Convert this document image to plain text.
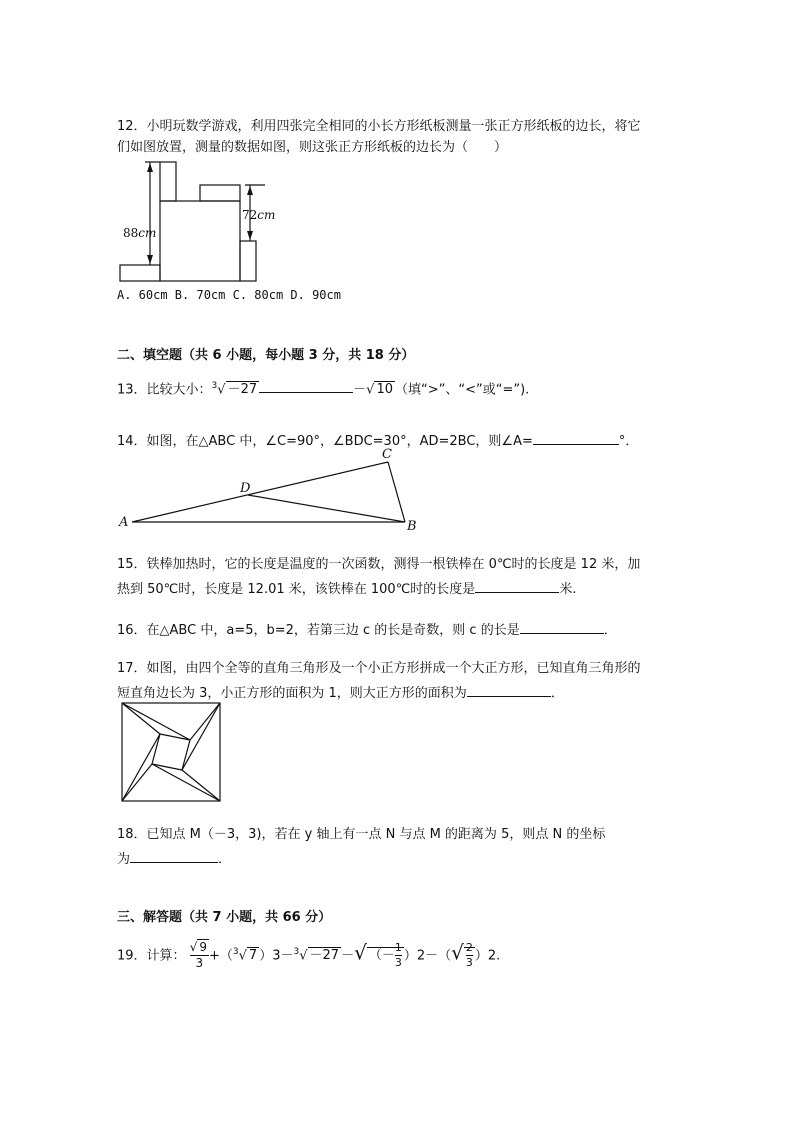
12．小明玩数学游戏，利用四张完全相同的小长方形纸板测量一张正方形纸板的边长，将它
们如图放置，测量的数据如图，则这张正方形纸板的边长为（　　）
88cm
72cm
A. 60cm B. 70cm C. 80cm D. 90cm
二、填空题（共 6 小题，每小题 3 分，共 18 分）
13．比较大小：$^3$√ －27	－√ 10 （填“>”、“<”或“=”).
14．如图，在△ABC 中，∠C=90°，∠BDC=30°，AD=2BC，则∠A=	°．
C
D
A	B
15．铁棒加热时，它的长度是温度的一次函数，测得一根铁棒在 0℃时的长度是 12 米，加
热到 50℃时，长度是 12.01 米，该铁棒在 100℃时的长度是	米.
16．在△ABC 中，a=5，b=2，若第三边 c 的长是奇数，则 c 的长是	．
17．如图，由四个全等的直角三角形及一个小正方形拼成一个大正方形，已知直角三角形的
短直角边长为 3，小正方形的面积为 1，则大正方形的面积为	．
18．已知点 M（－3，3)，若在 y 轴上有一点 N 与点 M 的距离为 5，则点 N 的坐标
为	．
三、解答题（共 7 小题，共 66 分）
19．计算： $\frac{√ 9}{3} +(^3√$ 7 ）3－$^3$√ －27 －√ （－ $\frac{1}{3} )2-(√ \frac{2}{3} )2$.
